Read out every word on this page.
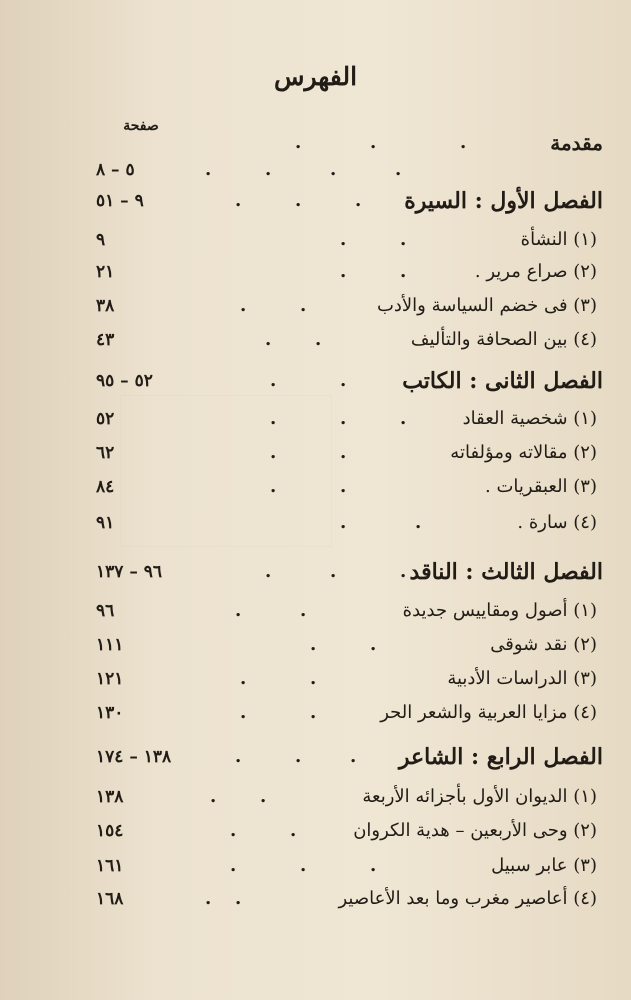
الفهرس
صفحة
مقدمة
.
.
.
.
.
.
.
٥ – ٨
الفصل الأول : السيرة
.
.
.
٩ – ٥١
(١) النشأة
.
.
٩
(٢) صراع مرير .
.
.
٢١
(٣) فى خضم السياسة والأدب
.
.
٣٨
(٤) بين الصحافة والتأليف
.
.
٤٣
الفصل الثانى : الكاتب
.
.
٥٢ – ٩٥
(١) شخصية العقاد
.
.
.
٥٢
(٢) مقالاته ومؤلفاته
.
.
٦٢
(٣) العبقريات .
.
.
٨٤
(٤) سارة .
.
.
٩١
الفصل الثالث : الناقد
.
.
.
٩٦ – ١٣٧
(١) أصول ومقاييس جديدة
.
.
٩٦
(٢) نقد شوقى
.
.
١١١
(٣) الدراسات الأدبية
.
.
١٢١
(٤) مزايا العربية والشعر الحر
.
.
١٣٠
الفصل الرابع : الشاعر
.
.
.
١٣٨ – ١٧٤
(١) الديوان الأول بأجزائه الأربعة
.
.
١٣٨
(٢) وحى الأربعين – هدية الكروان
.
.
١٥٤
(٣) عابر سبيل
.
.
.
١٦١
(٤) أعاصير مغرب وما بعد الأعاصير
.
.
١٦٨
